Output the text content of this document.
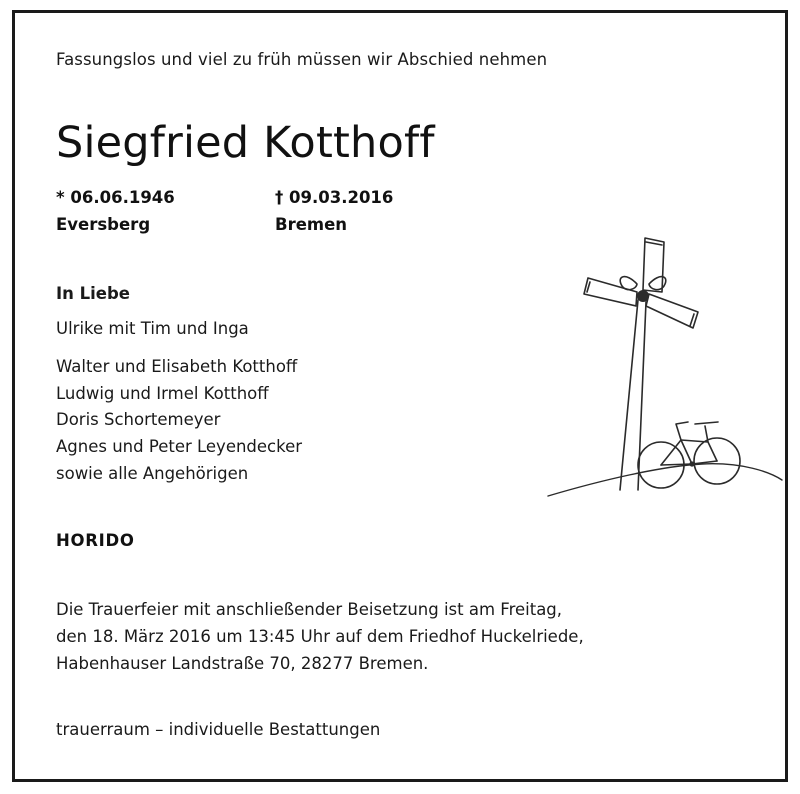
Fassungslos und viel zu früh müssen wir Abschied nehmen
Siegfried Kotthoff
* 06.06.1946	† 09.03.2016
Eversberg	Bremen
In Liebe
Ulrike mit Tim und Inga
Walter und Elisabeth Kotthoff
Ludwig und Irmel Kotthoff
Doris Schortemeyer
Agnes und Peter Leyendecker
sowie alle Angehörigen
HORIDO
Die Trauerfeier mit anschließender Beisetzung ist am Freitag,
den 18. März 2016 um 13:45 Uhr auf dem Friedhof Huckelriede,
Habenhauser Landstraße 70, 28277 Bremen.
trauerraum – individuelle Bestattungen
